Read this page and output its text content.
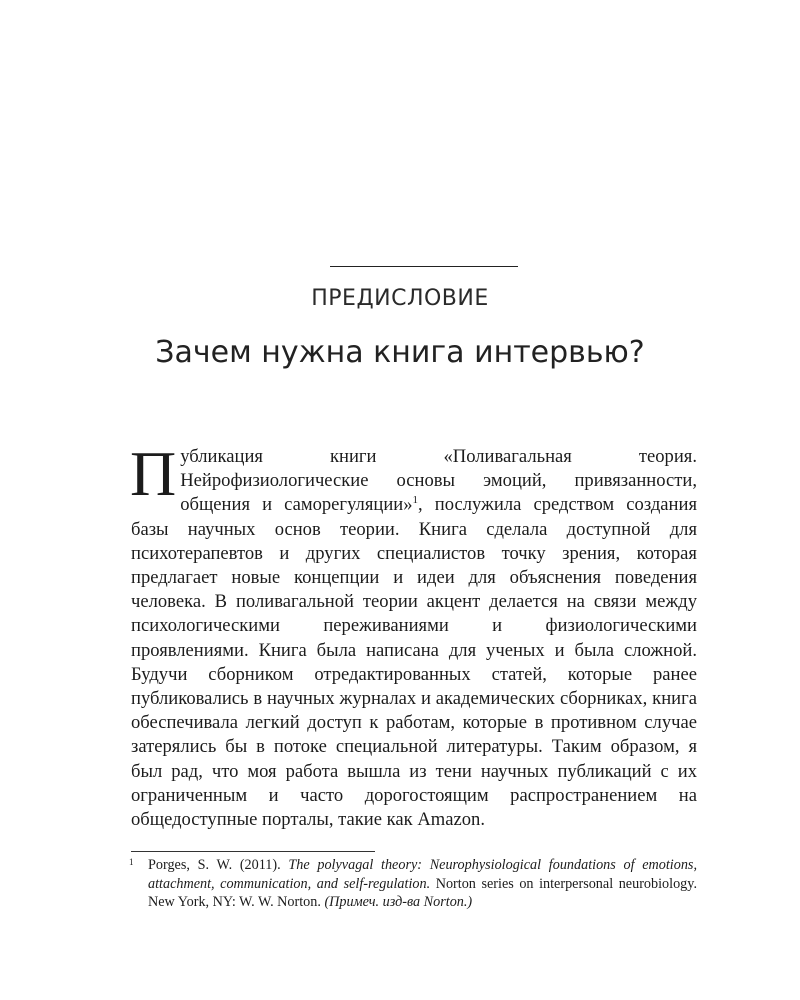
ПРЕДИСЛОВИЕ
Зачем нужна книга интервью?

Публикация книги «Поливагальная теория. Нейрофизиологические основы эмоций, привязанности, общения и саморегуляции»$^1$, послужила средством создания базы научных основ теории. Книга сделала доступной для психотерапевтов и других специалистов точку зрения, которая предлагает новые концепции и идеи для объяснения поведения человека. В поливагальной теории акцент делается на связи между психологическими переживаниями и физиологическими проявлениями. Книга была написана для ученых и была сложной. Будучи сборником отредактированных статей, которые ранее публиковались в научных журналах и академических сборниках, книга обеспечивала легкий доступ к работам, которые в противном случае затерялись бы в потоке специальной литературы. Таким образом, я был рад, что моя работа вышла из тени научных публикаций с их ограниченным и часто дорогостоящим распространением на общедоступные порталы, такие как Amazon.

1	Porges, S. W. (2011). The polyvagal theory: Neurophysiological foundations of emotions, attachment, communication, and self-regulation. Norton series on interpersonal neurobiology. New York, NY: W. W. Norton. (Примеч. изд-ва Norton.)
